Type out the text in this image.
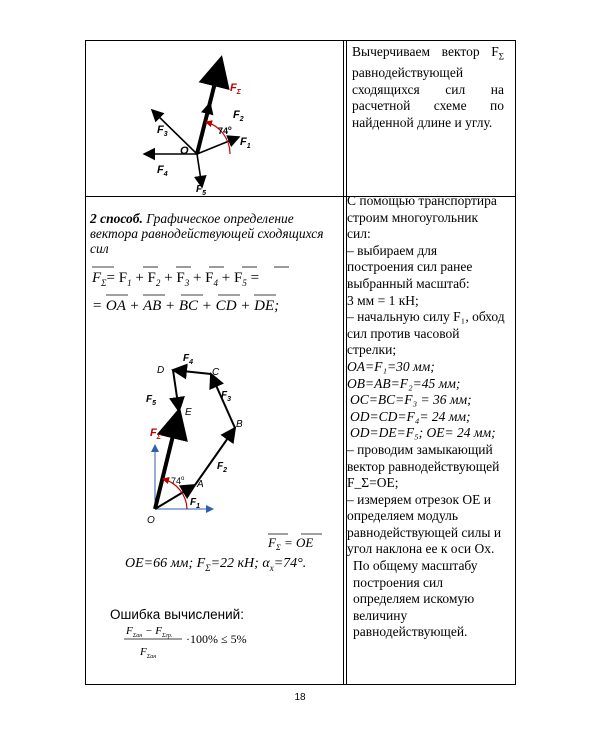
$F_\Sigma$
$F_2$
$F_3$	74$^o$
$F_1$
O
$F_4$
$F_5$
Вычерчиваем вектор $F_\Sigma$ равнодействующей сходящихся сил на расчетной схеме по найденной длине и углу.
2 способ. Графическое определение вектора равнодействующей сходящихся сил
$F_\Sigma= F_1 + F_2 + F_3 + F_4 + F_5$ =
= OA + AB + BC + CD + DE;
$F_4$
D	C
$F_5$
E
$F_3$
B
$F_\Sigma$
$F_2$
74$^o$ A
$F_1$
O
$F_\Sigma$ = OE
OE=66 мм; $F_\Sigma=22$ кН; $\alpha_x=74^\circ$.
Ошибка вычислений:
$F_{\Sigma ан} - F_{\Sigma гр.} \cdot 100\% \le 5\%$
$F_{\Sigma ан}$

С помощью транспортира строим многоугольник сил:

– выбираем для построения сил ранее выбранный масштаб:

3 мм = 1 кН;

– начальную силу F₁, обход сил против часовой стрелки;

OA=F₁=30 мм;

OB=AB=F₂=45 мм;

OC=BC=F₃ = 36 мм;

OD=CD=F₄= 24 мм;

OD=DE=F₅; OE= 24 мм;

– проводим замыкающий вектор равнодействующей

F_Σ=OE;

– измеряем отрезок OE и определяем модуль равнодействующей силы и угол наклона ее к оси Ox.

По общему масштабу построения сил определяем искомую величину равнодействующей.

18
